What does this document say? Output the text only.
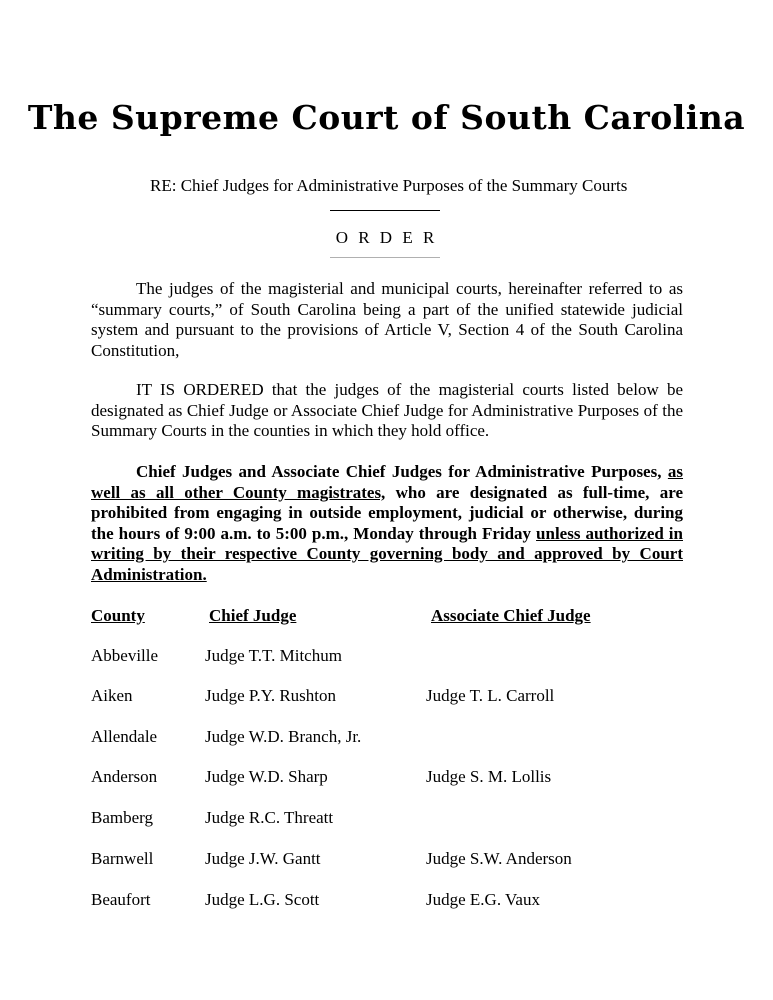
The Supreme Court of South Carolina
RE: Chief Judges for Administrative Purposes of the Summary Courts
O R D E R

The judges of the magisterial and municipal courts, hereinafter referred to as “summary courts,” of South Carolina being a part of the unified statewide judicial system and pursuant to the provisions of Article V, Section 4 of the South Carolina Constitution,

IT IS ORDERED that the judges of the magisterial courts listed below be designated as Chief Judge or Associate Chief Judge for Administrative Purposes of the Summary Courts in the counties in which they hold office.

Chief Judges and Associate Chief Judges for Administrative Purposes, as well as all other County magistrates, who are designated as full-time, are prohibited from engaging in outside employment, judicial or otherwise, during the hours of 9:00 a.m. to 5:00 p.m., Monday through Friday unless authorized in writing by their respective County governing body and approved by Court Administration.

County	Chief Judge	Associate Chief Judge
Abbeville	Judge T.T. Mitchum
Aiken	Judge P.Y. Rushton	Judge T. L. Carroll
Allendale	Judge W.D. Branch, Jr.
Anderson	Judge W.D. Sharp	Judge S. M. Lollis
Bamberg	Judge R.C. Threatt
Barnwell	Judge J.W. Gantt	Judge S.W. Anderson
Beaufort	Judge L.G. Scott	Judge E.G. Vaux
